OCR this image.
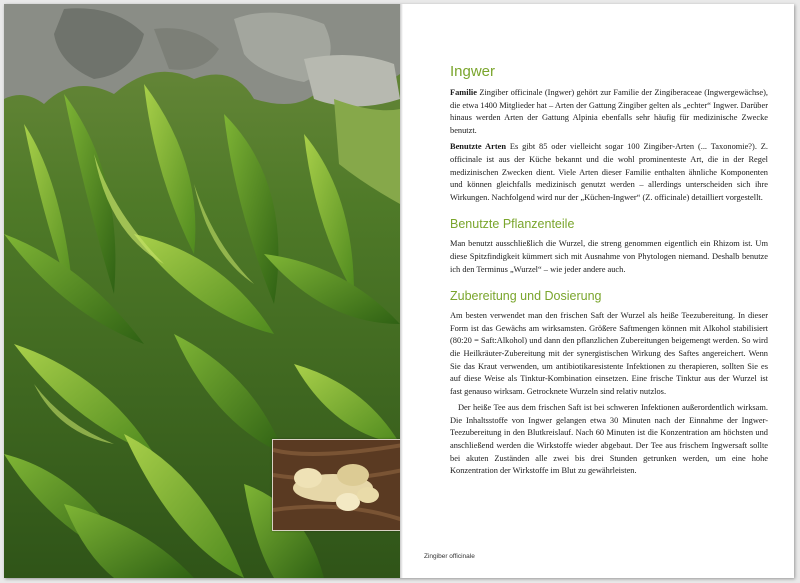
Ingwer

Familie Zingiber officinale (Ingwer) gehört zur Familie der Zingiberaceae (Ingwergewächse), die etwa 1400 Mitglieder hat – Arten der Gattung Zingiber gelten als „echter“ Ingwer. Darüber hinaus werden Arten der Gattung Alpinia ebenfalls sehr häufig für medizinische Zwecke benutzt.

Benutzte Arten Es gibt 85 oder vielleicht sogar 100 Zingiber-Arten (... Taxonomie?). Z. officinale ist aus der Küche bekannt und die wohl prominenteste Art, die in der Regel medizinischen Zwecken dient. Viele Arten dieser Familie enthalten ähnliche Komponenten und können gleichfalls medizinisch genutzt werden – allerdings unterscheiden sich ihre Wirkungen. Nachfolgend wird nur der „Küchen-Ingwer“ (Z. officinale) detailliert vorgestellt.

Benutzte Pflanzenteile

Man benutzt ausschließlich die Wurzel, die streng genommen eigentlich ein Rhizom ist. Um diese Spitzfindigkeit kümmert sich mit Ausnahme von Phytologen niemand. Deshalb benutze ich den Terminus „Wurzel“ – wie jeder andere auch.

Zubereitung und Dosierung

Am besten verwendet man den frischen Saft der Wurzel als heiße Teezubereitung. In dieser Form ist das Gewächs am wirksamsten. Größere Saftmengen können mit Alkohol stabilisiert (80:20 = Saft:Alkohol) und dann den pflanzlichen Zubereitungen beigemengt werden. So wird die Heilkräuter-Zubereitung mit der synergistischen Wirkung des Saftes angereichert. Wenn Sie das Kraut verwenden, um antibiotikaresistente Infektionen zu therapieren, sollten Sie es auf diese Weise als Tinktur-Kombination einsetzen. Eine frische Tinktur aus der Wurzel ist fast genauso wirksam. Getrocknete Wurzeln sind relativ nutzlos.

Der heiße Tee aus dem frischen Saft ist bei schweren Infektionen außerordentlich wirksam. Die Inhaltsstoffe von Ingwer gelangen etwa 30 Minuten nach der Einnahme der Ingwer-Teezubereitung in den Blutkreislauf. Nach 60 Minuten ist die Konzentration am höchsten und anschließend werden die Wirkstoffe wieder abgebaut. Der Tee aus frischem Ingwersaft sollte bei akuten Zuständen alle zwei bis drei Stunden getrunken werden, um eine hohe Konzentration der Wirkstoffe im Blut zu gewährleisten.

Zingiber officinale
